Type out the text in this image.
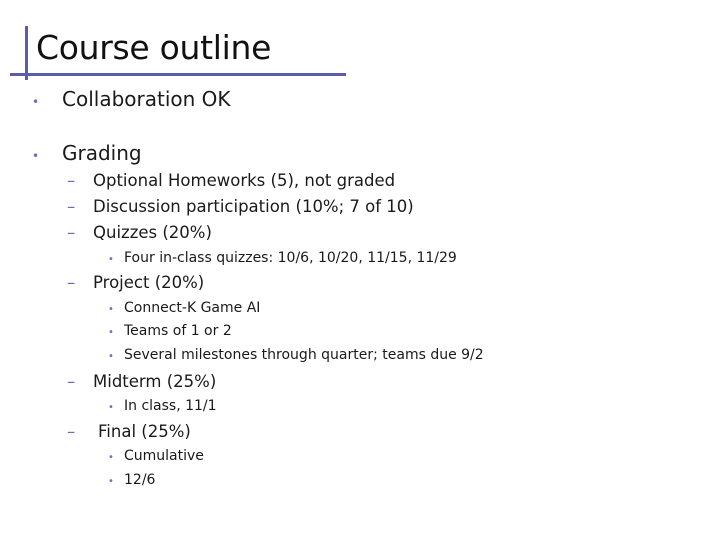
Course outline
•	Collaboration OK
•	Grading
–	Optional Homeworks (5), not graded
–	Discussion participation (10%; 7 of 10)
–	Quizzes (20%)
• Four in-class quizzes: 10/6, 10/20, 11/15, 11/29
–	Project (20%)
• Connect-K Game AI
• Teams of 1 or 2
• Several milestones through quarter; teams due 9/2
–	Midterm (25%)
• In class, 11/1
–	Final (25%)
• Cumulative
• 12/6
